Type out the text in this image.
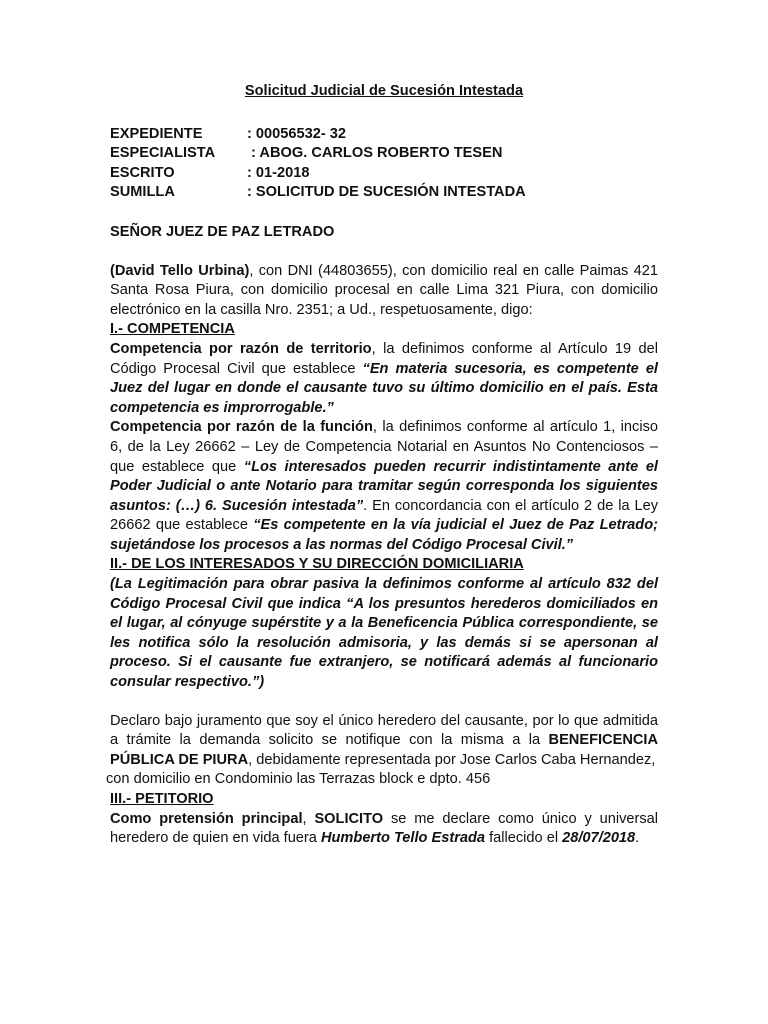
Solicitud Judicial de Sucesión Intestada
EXPEDIENTE	: 00056532- 32
ESPECIALISTA	: ABOG. CARLOS ROBERTO TESEN
ESCRITO	: 01-2018
SUMILLA	: SOLICITUD DE SUCESIÓN INTESTADA
SEÑOR JUEZ DE PAZ LETRADO

(David Tello Urbina), con DNI (44803655), con domicilio real en calle Paimas 421 Santa Rosa Piura, con domicilio procesal en calle Lima 321 Piura, con domicilio electrónico en la casilla Nro. 2351; a Ud., respetuosamente, digo:

I.- COMPETENCIA

Competencia por razón de territorio, la definimos conforme al Artículo 19 del Código Procesal Civil que establece “En materia sucesoria, es competente el Juez del lugar en donde el causante tuvo su último domicilio en el país. Esta competencia es improrrogable.”

Competencia por razón de la función, la definimos conforme al artículo 1, inciso 6, de la Ley 26662 – Ley de Competencia Notarial en Asuntos No Contenciosos – que establece que “Los interesados pueden recurrir indistintamente ante el Poder Judicial o ante Notario para tramitar según corresponda los siguientes asuntos: (…) 6. Sucesión intestada”. En concordancia con el artículo 2 de la Ley 26662 que establece “Es competente en la vía judicial el Juez de Paz Letrado; sujetándose los procesos a las normas del Código Procesal Civil.”

II.- DE LOS INTERESADOS Y SU DIRECCIÓN DOMICILIARIA

(La Legitimación para obrar pasiva la definimos conforme al artículo 832 del Código Procesal Civil que indica “A los presuntos herederos domiciliados en el lugar, al cónyuge supérstite y a la Beneficencia Pública correspondiente, se les notifica sólo la resolución admisoria, y las demás si se apersonan al proceso. Si el causante fue extranjero, se notificará además al funcionario consular respectivo.”)

Declaro bajo juramento que soy el único heredero del causante, por lo que admitida a trámite la demanda solicito se notifique con la misma a la BENEFICENCIA PÚBLICA DE PIURA, debidamente representada por Jose Carlos Caba Hernandez,

con domicilio en Condominio las Terrazas block e dpto. 456

III.- PETITORIO

Como pretensión principal, SOLICITO se me declare como único y universal heredero de quien en vida fuera Humberto Tello Estrada fallecido el 28/07/2018.
